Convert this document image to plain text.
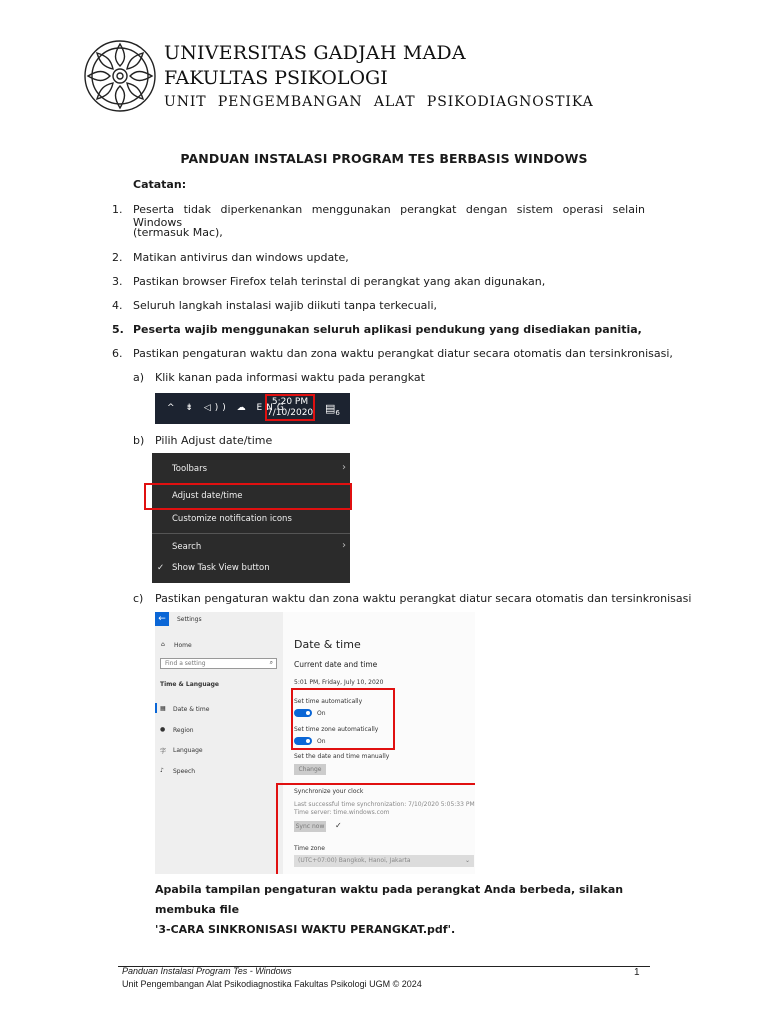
UNIVERSITAS GADJAH MADA
FAKULTAS PSIKOLOGI
UNIT PENGEMBANGAN ALAT PSIKODIAGNOSTIKA
PANDUAN INSTALASI PROGRAM TES BERBASIS WINDOWS
Catatan:
1. Peserta tidak diperkenankan menggunakan perangkat dengan sistem operasi selain Windows
(termasuk Mac),
2. Matikan antivirus dan windows update,
3. Pastikan browser Firefox telah terinstal di perangkat yang akan digunakan,
4. Seluruh langkah instalasi wajib diikuti tanpa terkecuali,
5. Peserta wajib menggunakan seluruh aplikasi pendukung yang disediakan panitia,
6. Pastikan pengaturan waktu dan zona waktu perangkat diatur secara otomatis dan tersinkronisasi,
a) Klik kanan pada informasi waktu pada perangkat
^ ⇟ ◁)) ☁ ENG
5:20 PM
7/10/2020 $▤_6$
b) Pilih Adjust date/time
Toolbars	›
Adjust date/time
Customize notification icons
Search	›
✓ Show Task View button
c) Pastikan pengaturan waktu dan zona waktu perangkat diatur secara otomatis dan tersinkronisasi
←	Settings
⌂ Home
Find a setting	⌕
Time & Language
▦ Date & time
● Region
字 Language
♪ Speech
Date & time
Current date and time
5:01 PM, Friday, July 10, 2020
Set time automatically
On
Set time zone automatically
On
Set the date and time manually
Change
Synchronize your clock
Last successful time synchronization: 7/10/2020 5:05:33 PM
Time server: time.windows.com
Sync now ✓
Time zone
(UTC+07:00) Bangkok, Hanoi, Jakarta	⌄
Apabila tampilan pengaturan waktu pada perangkat Anda berbeda, silakan membuka file
'3-CARA SINKRONISASI WAKTU PERANGKAT.pdf'.
Panduan Instalasi Program Tes - Windows	1
Unit Pengembangan Alat Psikodiagnostika Fakultas Psikologi UGM © 2024
